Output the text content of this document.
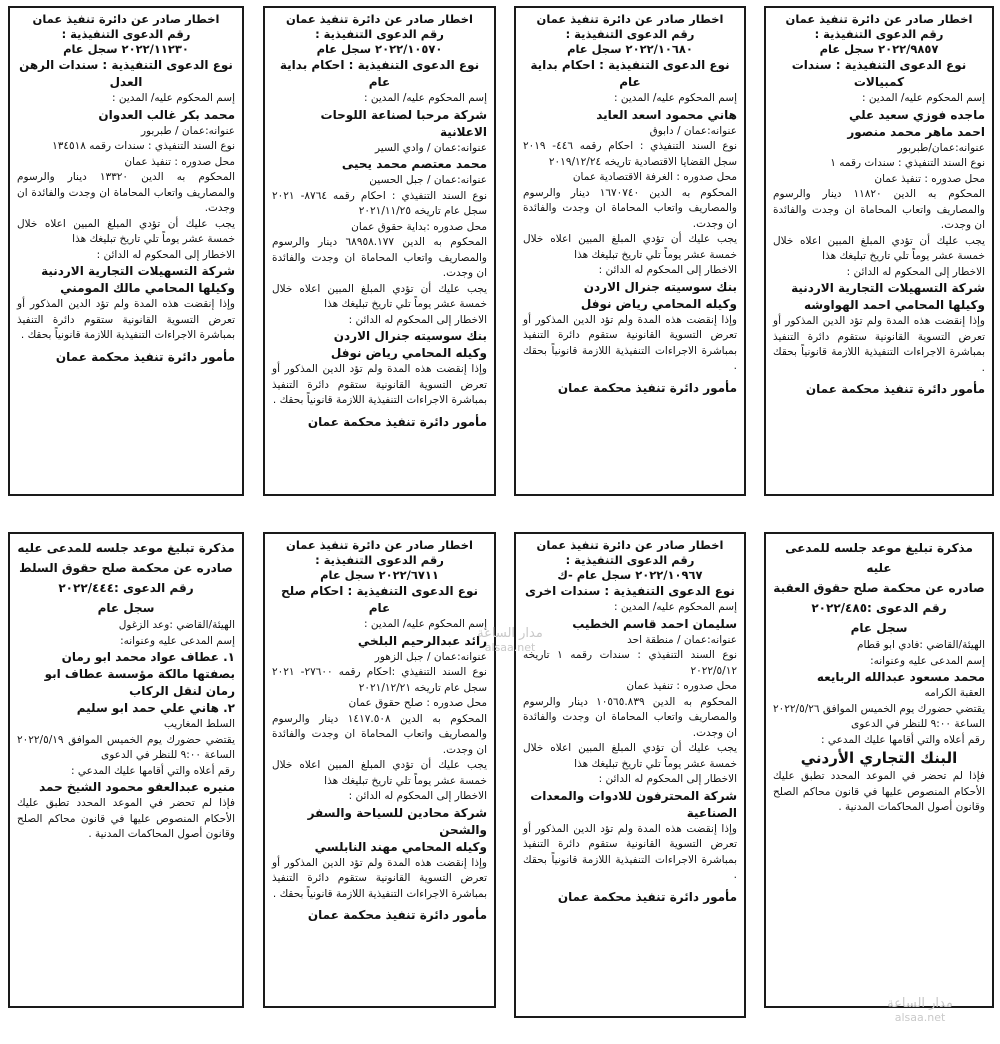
اخطار صادر عن دائرة تنفيذ عمان
رقم الدعوى التنفيذية :
٢٠٢٢/٩٨٥٧ سجل عام
نوع الدعوى التنفيذية : سندات كمبيالات
إسم المحكوم عليه/ المدين :
ماجده فوزي سعيد علي
احمد ماهر محمد منصور
عنوانه:عمان/طبربور
نوع السند التنفيذي : سندات رقمه ١
محل صدوره : تنفيذ عمان
المحكوم به الدين ١١٨٢٠ دينار والرسوم والمصاريف واتعاب المحاماة ان وجدت والفائدة ان وجدت.
يجب عليك أن تؤدي المبلغ المبين اعلاه خلال خمسة عشر يوماً تلي تاريخ تبليغك هذا
الاخطار إلى المحكوم له الدائن :
شركة التسهيلات التجارية الاردنية
وكيلها المحامي احمد الهواوشه
وإذا إنقضت هذه المدة ولم تؤد الدين المذكور أو تعرض التسوية القانونية ستقوم دائرة التنفيذ بمباشرة الاجراءات التنفيذية اللازمة قانونياً بحقك .
مأمور دائرة تنفيذ محكمة عمان
اخطار صادر عن دائرة تنفيذ عمان
رقم الدعوى التنفيذية :
٢٠٢٢/١٠٦٨٠ سجل عام
نوع الدعوى التنفيذية : احكام بداية عام
إسم المحكوم عليه/ المدين :
هاني محمود اسعد العايد
عنوانه:عمان / دابوق
نوع السند التنفيذي : احكام رقمه ٤٤٦- ٢٠١٩ سجل القضايا الاقتصادية تاريخه ٢٠١٩/١٢/٢٤
محل صدوره : الغرفة الاقتصادية عمان
المحكوم به الدين ١٦٧٠٧٤٠ دينار والرسوم والمصاريف واتعاب المحاماة ان وجدت والفائدة ان وجدت.
يجب عليك أن تؤدي المبلغ المبين اعلاه خلال خمسة عشر يوماً تلي تاريخ تبليغك هذا
الاخطار إلى المحكوم له الدائن :
بنك سوسيته جنرال الاردن
وكيله المحامي رياض نوفل
وإذا إنقضت هذه المدة ولم تؤد الدين المذكور أو تعرض التسوية القانونية ستقوم دائرة التنفيذ بمباشرة الاجراءات التنفيذية اللازمة قانونياً بحقك .
مأمور دائرة تنفيذ محكمة عمان
اخطار صادر عن دائرة تنفيذ عمان
رقم الدعوى التنفيذية :
٢٠٢٢/١٠٥٧٠ سجل عام
نوع الدعوى التنفيذية : احكام بداية عام
إسم المحكوم عليه/ المدين :
شركة مرحبا لصناعة اللوحات الاعلانية
عنوانه:عمان / وادي السير
محمد معتصم محمد يحيى
عنوانه:عمان / جبل الحسين
نوع السند التنفيذي : احكام رقمه ٨٧٦٤- ٢٠٢١ سجل عام تاريخه ٢٠٢١/١١/٢٥
محل صدوره :بداية حقوق عمان
المحكوم به الدين ٦٨٩٥٨.١٧٧ دينار والرسوم والمصاريف واتعاب المحاماة ان وجدت والفائدة ان وجدت.
يجب عليك أن تؤدي المبلغ المبين اعلاه خلال خمسة عشر يوماً تلي تاريخ تبليغك هذا
الاخطار إلى المحكوم له الدائن :
بنك سوسيته جنرال الاردن
وكيله المحامي رياض نوفل
وإذا إنقضت هذه المدة ولم تؤد الدين المذكور أو تعرض التسوية القانونية ستقوم دائرة التنفيذ بمباشرة الاجراءات التنفيذية اللازمة قانونياً بحقك .
مأمور دائرة تنفيذ محكمة عمان
اخطار صادر عن دائرة تنفيذ عمان
رقم الدعوى التنفيذية :
٢٠٢٢/١١٢٣٠ سجل عام
نوع الدعوى التنفيذية : سندات الرهن العدل
إسم المحكوم عليه/ المدين :
محمد بكر غالب العدوان
عنوانه:عمان / طبربور
نوع السند التنفيذي : سندات رقمه ١٣٤٥١٨
محل صدوره : تنفيذ عمان
المحكوم به الدين ١٣٣٢٠ دينار والرسوم والمصاريف واتعاب المحاماة ان وجدت والفائدة ان وجدت.
يجب عليك أن تؤدي المبلغ المبين اعلاه خلال خمسة عشر يوماً تلي تاريخ تبليغك هذا
الاخطار إلى المحكوم له الدائن :
شركة التسهيلات التجارية الاردنية
وكيلها المحامي مالك المومني
وإذا إنقضت هذه المدة ولم تؤد الدين المذكور أو تعرض التسوية القانونية ستقوم دائرة التنفيذ بمباشرة الاجراءات التنفيذية اللازمة قانونياً بحقك .
مأمور دائرة تنفيذ محكمة عمان
مذكرة تبليغ موعد جلسه للمدعى عليه
صادره عن محكمة صلح حقوق العقبة
رقم الدعوى :٢٠٢٢/٤٨٥
سجل عام
الهيئة/القاضي :فادي ابو قطام
إسم المدعى عليه وعنوانه:
محمد مسعود عبدالله الربايعه
العقبة الكرامه
يقتضي حضورك يوم الخميس الموافق ٢٠٢٢/٥/٢٦ الساعة ٩:٠٠ للنظر في الدعوى
رقم أعلاه والتي أقامها عليك المدعي :
البنك التجاري الأردني
فإذا لم تحضر في الموعد المحدد تطبق عليك الأحكام المنصوص عليها في قانون محاكم الصلح وقانون أصول المحاكمات المدنية .
اخطار صادر عن دائرة تنفيذ عمان
رقم الدعوى التنفيذية :
٢٠٢٢/١٠٩٦٧ سجل عام -ك
نوع الدعوى التنفيذية : سندات اخرى
إسم المحكوم عليه/ المدين :
سليمان احمد قاسم الخطيب
عنوانه:عمان / منطقة احد
نوع السند التنفيذي : سندات رقمه ١ تاريخه ٢٠٢٢/٥/١٢
محل صدوره : تنفيذ عمان
المحكوم به الدين ١٠٥٦٥.٨٣٩ دينار والرسوم والمصاريف واتعاب المحاماة ان وجدت والفائدة ان وجدت.
يجب عليك أن تؤدي المبلغ المبين اعلاه خلال خمسة عشر يوماً تلي تاريخ تبليغك هذا
الاخطار إلى المحكوم له الدائن :
شركة المحترفون للادوات والمعدات الصناعية
وإذا إنقضت هذه المدة ولم تؤد الدين المذكور أو تعرض التسوية القانونية ستقوم دائرة التنفيذ بمباشرة الاجراءات التنفيذية اللازمة قانونياً بحقك .
مأمور دائرة تنفيذ محكمة عمان
اخطار صادر عن دائرة تنفيذ عمان
رقم الدعوى التنفيذية :
٢٠٢٢/٦٧١١ سجل عام
نوع الدعوى التنفيذية : احكام صلح عام
إسم المحكوم عليه/ المدين :
رائد عبدالرحيم البلخي
عنوانه:عمان / جبل الزهور
نوع السند التنفيذي :احكام رقمه ٢٧٦٠٠- ٢٠٢١ سجل عام تاريخه ٢٠٢١/١٢/٢١
محل صدوره : صلح حقوق عمان
المحكوم به الدين ١٤١٧.٥٠٨ دينار والرسوم والمصاريف واتعاب المحاماة ان وجدت والفائدة ان وجدت.
يجب عليك أن تؤدي المبلغ المبين اعلاه خلال خمسة عشر يوماً تلي تاريخ تبليغك هذا
الاخطار إلى المحكوم له الدائن :
شركة محادين للسياحة والسفر والشحن
وكيله المحامي مهند النابلسي
وإذا إنقضت هذه المدة ولم تؤد الدين المذكور أو تعرض التسوية القانونية ستقوم دائرة التنفيذ بمباشرة الاجراءات التنفيذية اللازمة قانونياً بحقك .
مأمور دائرة تنفيذ محكمة عمان
مذكرة تبليغ موعد جلسه للمدعى عليه
صادره عن محكمة صلح حقوق السلط
رقم الدعوى :٢٠٢٢/٤٤٤
سجل عام
الهيئة/القاضي :وعد الزغول
إسم المدعى عليه وعنوانه:
١. عطاف عواد محمد ابو رمان بصفتها مالكة مؤسسة عطاف ابو رمان لنقل الركاب
٢. هاني علي حمد ابو سليم
السلط المغاريب
يقتضي حضورك يوم الخميس الموافق ٢٠٢٢/٥/١٩ الساعة ٩:٠٠ للنظر في الدعوى
رقم أعلاه والتي أقامها عليك المدعي :
منيره عبدالعفو محمود الشيخ حمد
فإذا لم تحضر في الموعد المحدد تطبق عليك الأحكام المنصوص عليها في قانون محاكم الصلح وقانون أصول المحاكمات المدنية .
مدار الساعة
alsaa.net
مدار الساعة
alsaa.net
